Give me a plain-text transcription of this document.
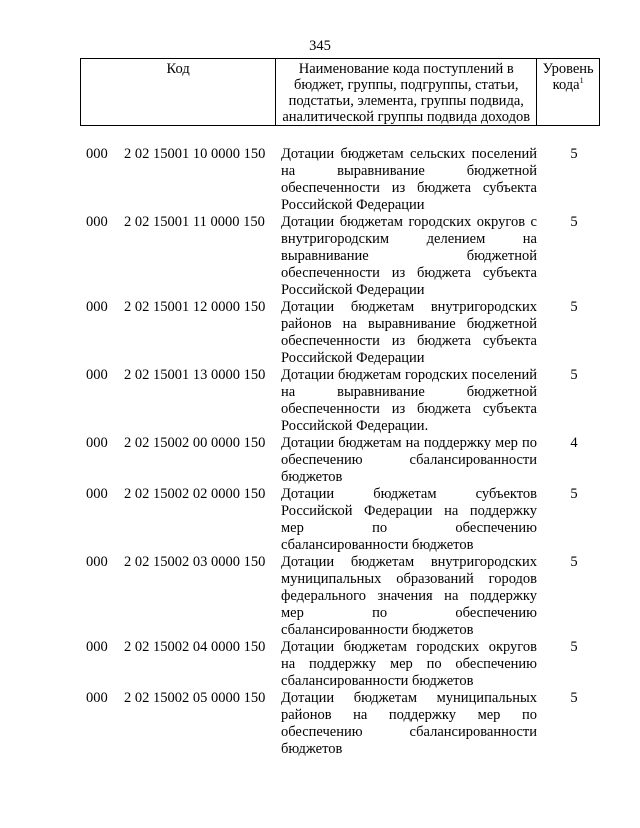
345
Код	Наименование кода поступлений в бюджет, группы, подгруппы, статьи, подстатьи, элемента, группы подвида, аналитической группы подвида доходов
Уровень кода$^1$
000 2 02 15001 10 0000 150 Дотации бюджетам сельских поселений на выравнивание бюджетной обеспеченности из бюджета субъекта Российской Федерации
5
000 2 02 15001 11 0000 150 Дотации бюджетам городских округов с внутригородским делением на выравнивание бюджетной обеспеченности из бюджета субъекта Российской Федерации
5
000 2 02 15001 12 0000 150 Дотации бюджетам внутригородских районов на выравнивание бюджетной обеспеченности из бюджета субъекта Российской Федерации
5
000 2 02 15001 13 0000 150 Дотации бюджетам городских поселений на выравнивание бюджетной обеспеченности из бюджета субъекта Российской Федерации.
5
000 2 02 15002 00 0000 150 Дотации бюджетам на поддержку мер по обеспечению сбалансированности бюджетов
4
000 2 02 15002 02 0000 150 Дотации бюджетам субъектов Российской Федерации на поддержку мер по обеспечению сбалансированности бюджетов
5
000 2 02 15002 03 0000 150 Дотации бюджетам внутригородских муниципальных образований городов федерального значения на поддержку мер по обеспечению сбалансированности бюджетов
5
000 2 02 15002 04 0000 150 Дотации бюджетам городских округов на поддержку мер по обеспечению сбалансированности бюджетов
5
000 2 02 15002 05 0000 150 Дотации бюджетам муниципальных районов на поддержку мер по обеспечению сбалансированности бюджетов
5
